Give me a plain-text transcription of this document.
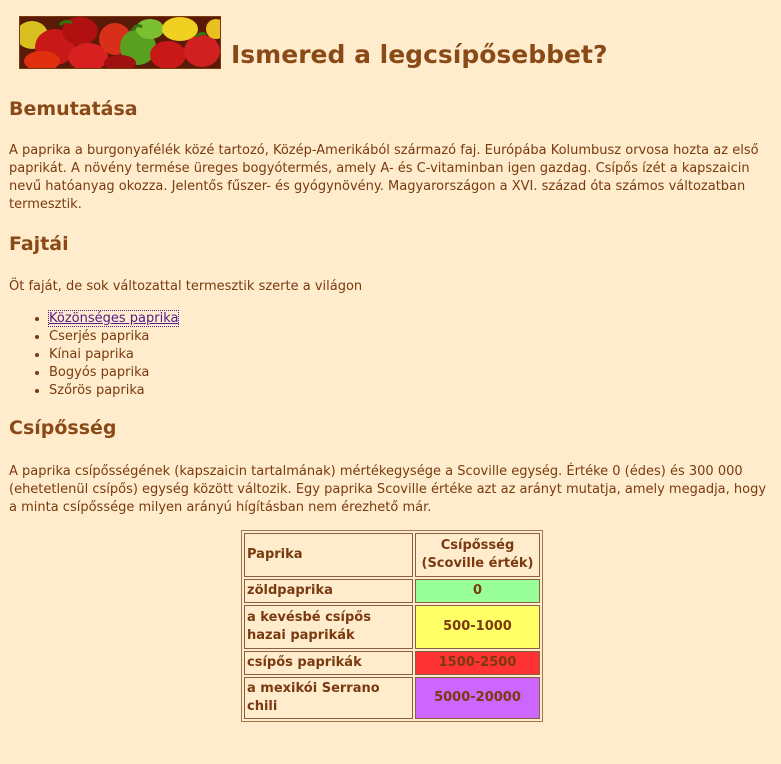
Ismered a legcsípősebbet?
Bemutatása

A paprika a burgonyafélék közé tartozó, Közép-Amerikából származó faj. Európába Kolumbusz orvosa hozta az első paprikát. A növény termése üreges bogyótermés, amely A- és C-vitaminban igen gazdag. Csípős ízét a kapszaicin nevű hatóanyag okozza. Jelentős fűszer- és gyógynövény. Magyarországon a XVI. század óta számos változatban termesztik.

Fajtái

Öt faját, de sok változattal termesztik szerte a világon

• Közönséges paprika
• Cserjés paprika
• Kínai paprika
• Bogyós paprika
• Szőrös paprika
Csípősség

A paprika csípősségének (kapszaicin tartalmának) mértékegysége a Scoville egység. Értéke 0 (édes) és 300 000 (ehetetlenül csípős) egység között változik. Egy paprika Scoville értéke azt az arányt mutatja, amely megadja, hogy a minta csípőssége milyen arányú hígításban nem érezhető már.

Paprika	Csípősség (Scoville érték)
zöldpaprika	0
a kevésbé csípős hazai paprikák	500-1000
csípős paprikák	1500-2500
a mexikói Serrano chili	5000-20000
